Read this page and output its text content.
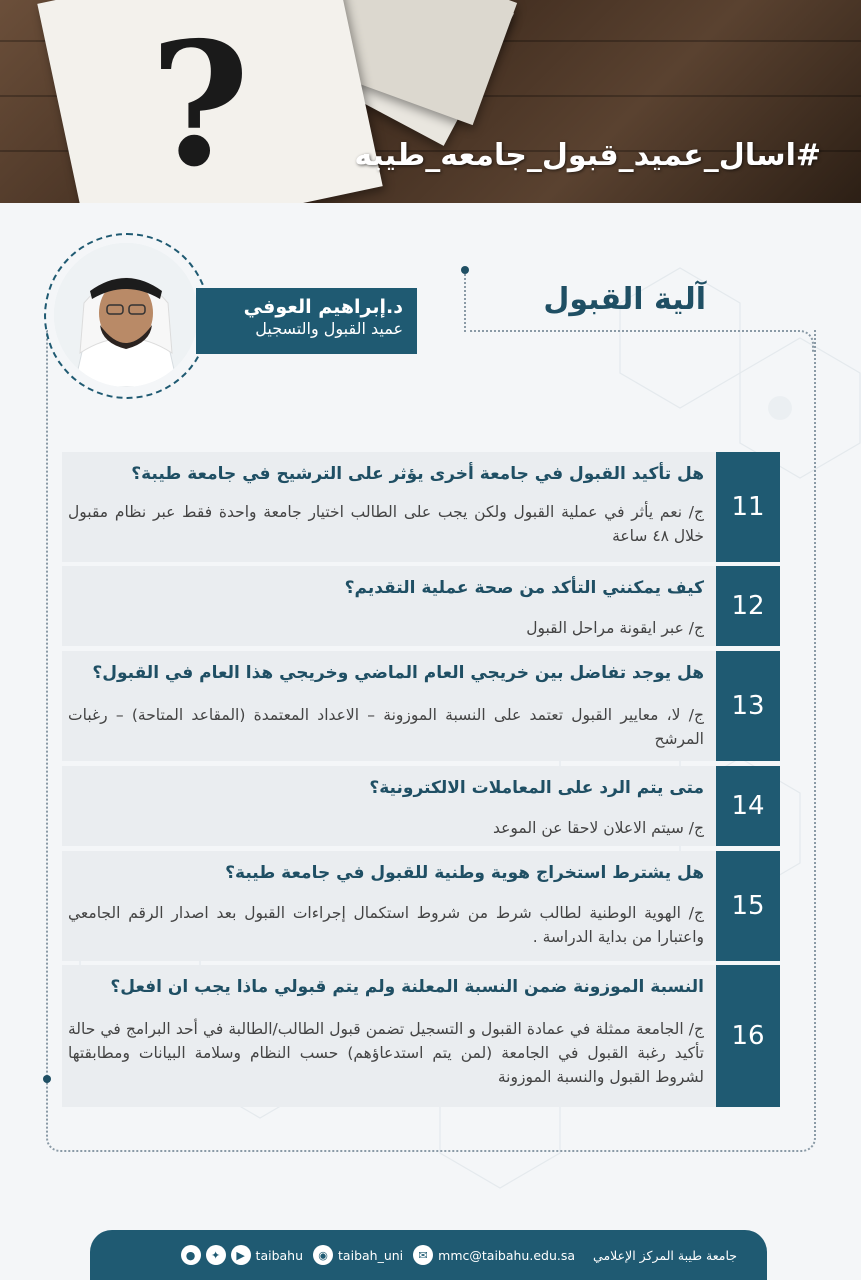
?	#اسال_عميد_قبول_جامعه_طيبه
آلية القبول
د.إبراهيم العوفي
عميد القبول والتسجيل
11
هل تأكيد القبول في جامعة أخرى يؤثر على الترشيح في جامعة طيبة؟
ج/ نعم يأثر في عملية القبول ولكن يجب على الطالب اختيار جامعة واحدة فقط عبر نظام مقبول خلال ٤٨ ساعة
12
كيف يمكنني التأكد من صحة عملية التقديم؟
ج/ عبر ايقونة مراحل القبول
13
هل يوجد تفاضل بين خريجي العام الماضي وخريجي هذا العام في القبول؟
ج/ لا، معايير القبول تعتمد على النسبة الموزونة – الاعداد المعتمدة (المقاعد المتاحة) – رغبات المرشح
14
متى يتم الرد على المعاملات الالكترونية؟
ج/ سيتم الاعلان لاحقا عن الموعد
15
هل يشترط استخراج هوية وطنية للقبول في جامعة طيبة؟
ج/ الهوية الوطنية لطالب شرط من شروط استكمال إجراءات القبول بعد اصدار الرقم الجامعي واعتبارا من بداية الدراسة .
16
النسبة الموزونة ضمن النسبة المعلنة ولم يتم قبولي ماذا يجب ان افعل؟
ج/ الجامعة ممثلة في عمادة القبول و التسجيل تضمن قبول الطالب/الطالبة في أحد البرامج في حالة تأكيد رغبة القبول في الجامعة (لمن يتم استدعاؤهم) حسب النظام وسلامة البيانات ومطابقتها لشروط القبول والنسبة الموزونة
●	✦	▶ taibahu	◉ taibah_uni	✉ mmc@taibahu.edu.sa جامعة طيبة المركز الإعلامي
